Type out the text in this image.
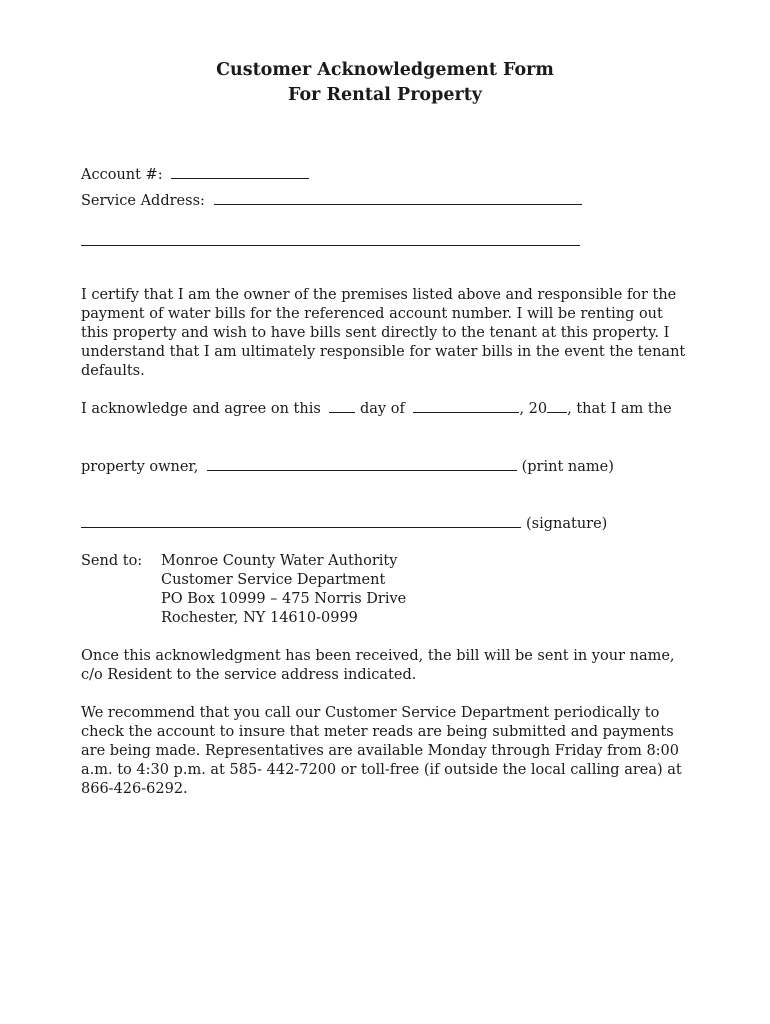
Customer Acknowledgement Form
For Rental Property
Account #:
Service Address:

I certify that I am the owner of the premises listed above and responsible for the payment of water bills for the referenced account number. I will be renting out this property and wish to have bills sent directly to the tenant at this property. I understand that I am ultimately responsible for water bills in the event the tenant defaults.

I acknowledge and agree on this	day of	, 20 , that I am the
property owner,	(print name)
(signature)
Send to: Monroe County Water Authority
Customer Service Department
PO Box 10999 – 475 Norris Drive
Rochester, NY 14610-0999

Once this acknowledgment has been received, the bill will be sent in your name, c/o Resident to the service address indicated.

We recommend that you call our Customer Service Department periodically to check the account to insure that meter reads are being submitted and payments are being made. Representatives are available Monday through Friday from 8:00 a.m. to 4:30 p.m. at 585- 442-7200 or toll-free (if outside the local calling area) at 866-426-6292.
